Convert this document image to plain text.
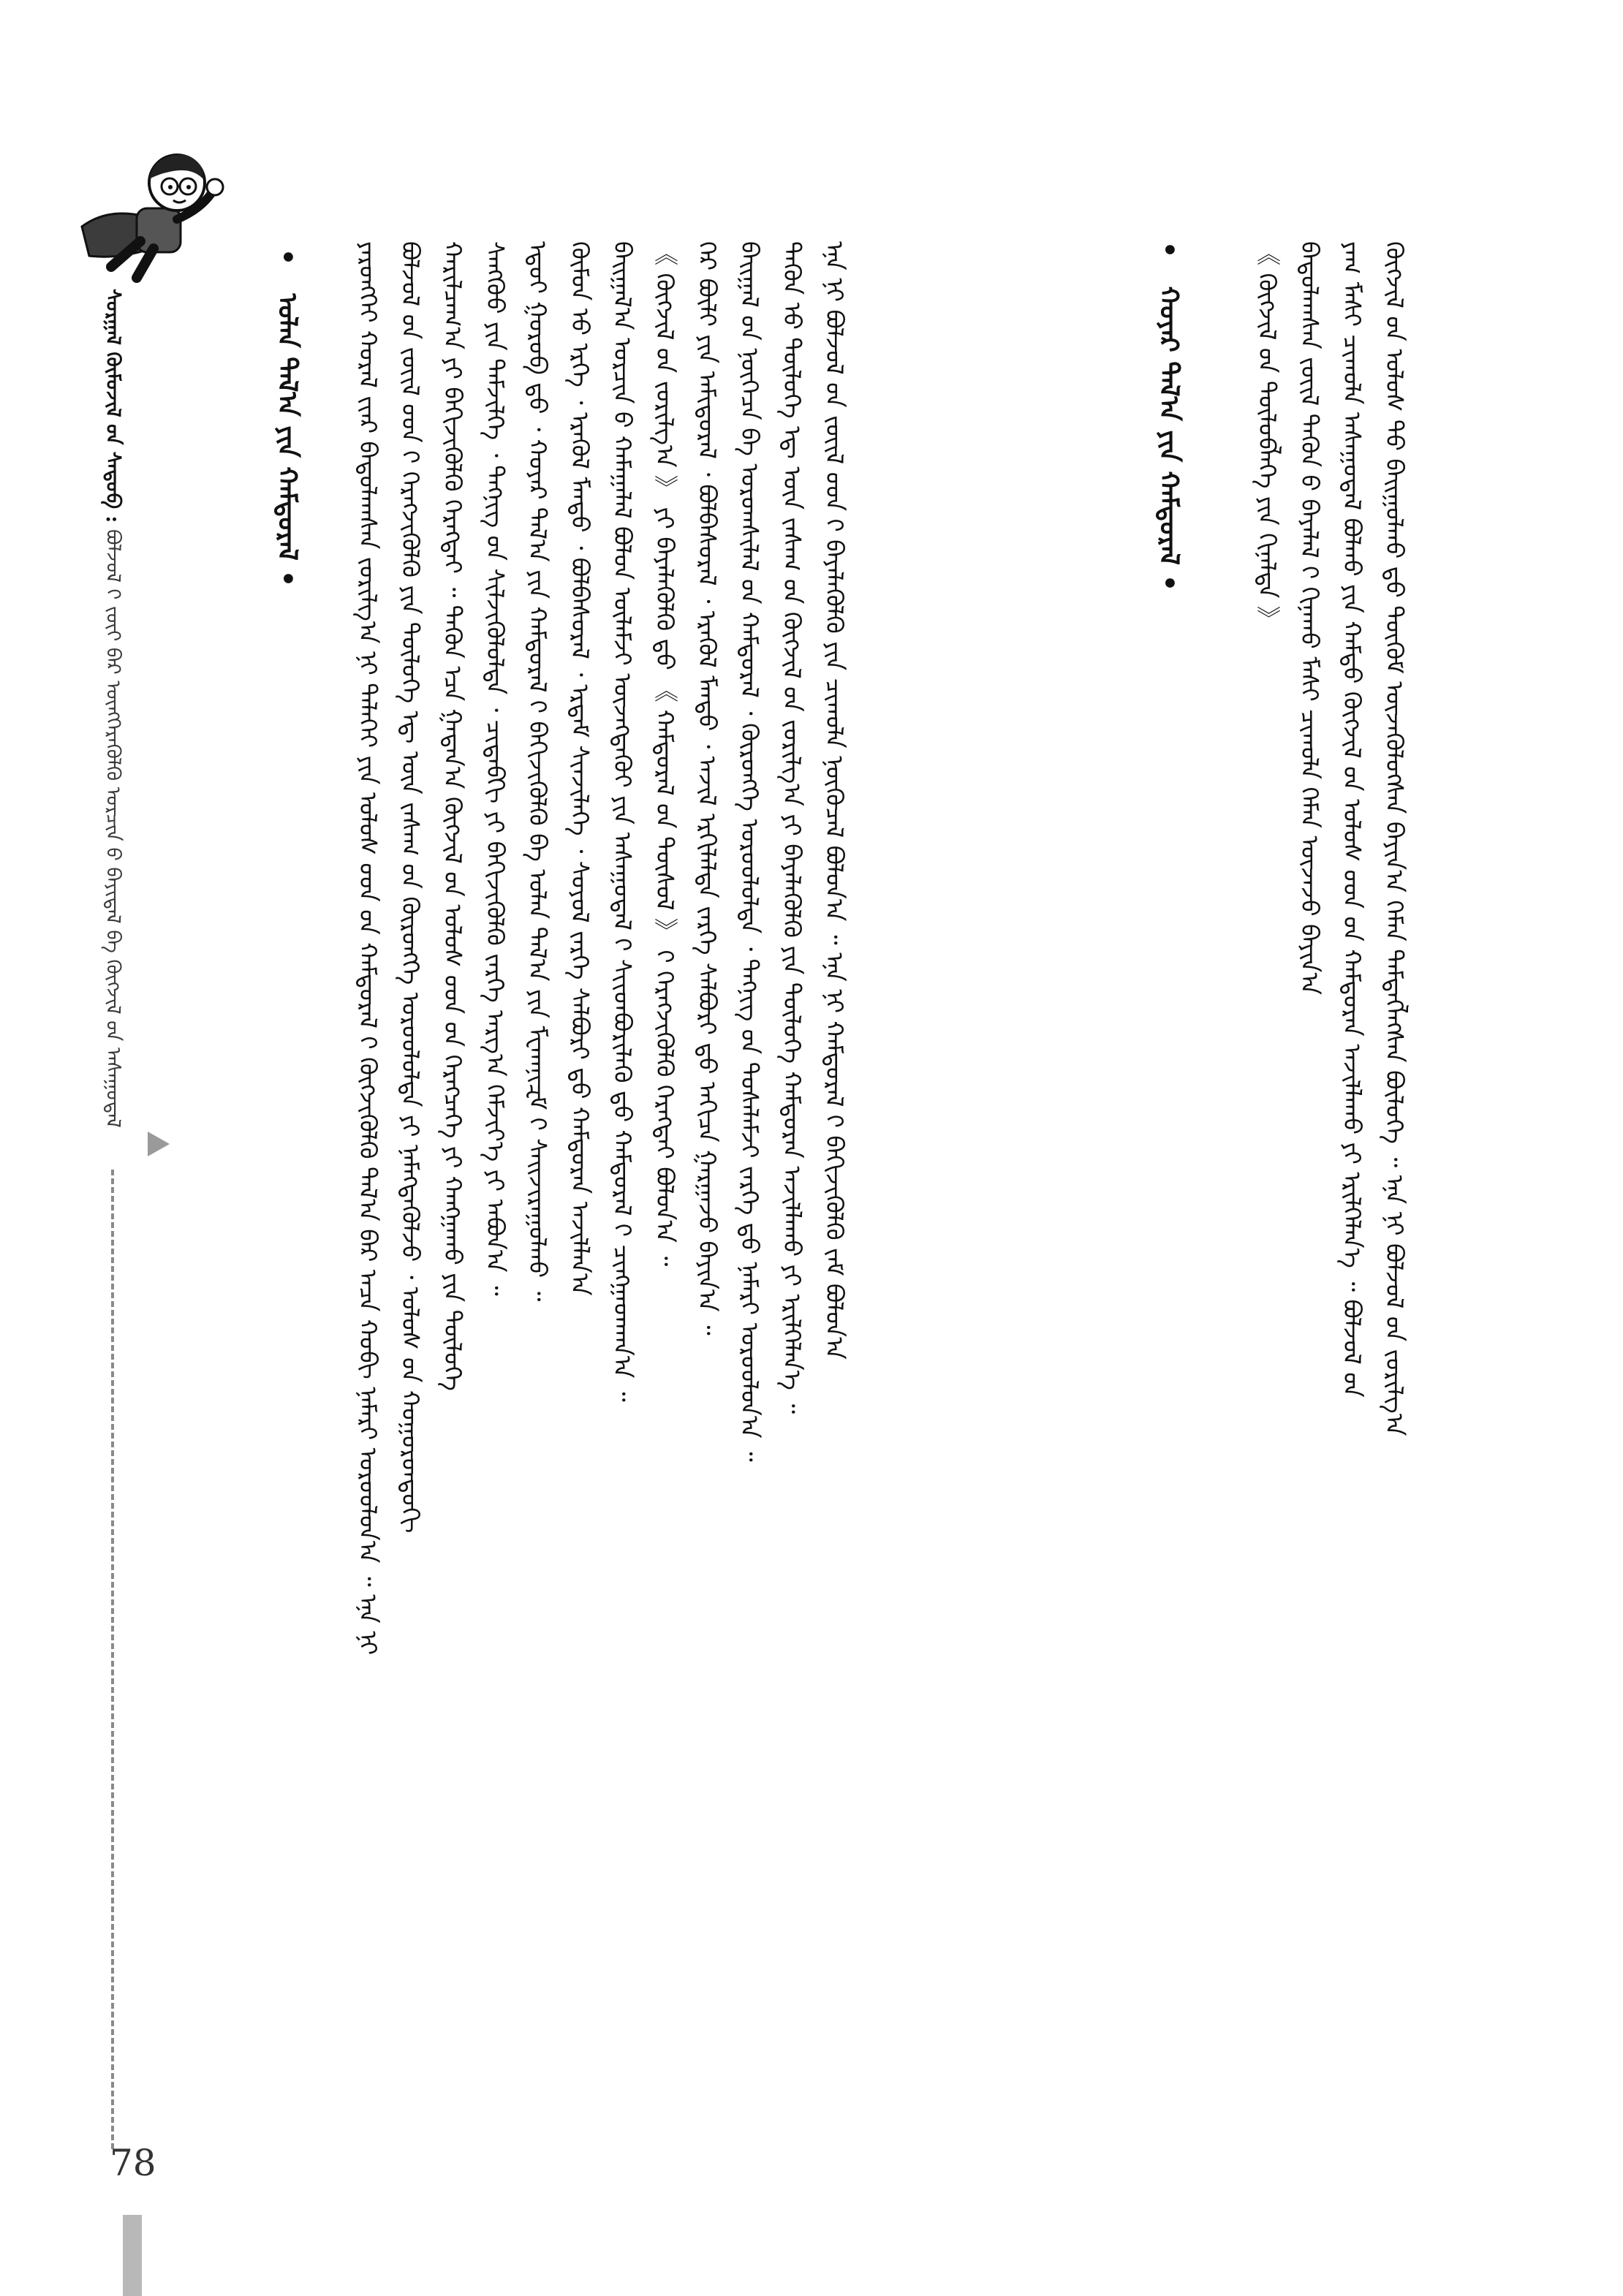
ᠰᠤᠷᠭᠠᠯ ᠬᠦᠮᠦᠵᠢᠯ ᠤ᠋ᠨ ᠰᠡᠳᠦᠪ : ᠪᠣᠯᠵᠣᠯ ᠢ᠋ ᠵᠦᠢ ᠪᠡᠷ ᠦᠩᠭᠡᠷᠡᠭᠦᠯᠬᠦ ᠣᠷᠴᠢᠨ ᠤ᠋ ᠪᠠᠶᠢᠳᠠᠯ ᠪᠠ ᠬᠥᠭᠵᠢᠯ ᠦ᠋ᠨ ᠠᠰᠠᠭᠤᠳᠠᠯ
78
• ᠣᠯᠠᠨ ᠲᠠᠯ᠎ᠠ ᠶᠢᠨ ᠬᠠᠮᠲᠤᠷᠠᠯ •	ᠶᠡᠷᠦᠩᠬᠡᠢ ᠬᠤᠷᠠᠯ ᠢ᠋ᠶ᠋ᠠᠷ ᠪᠠᠲᠤᠯᠠᠭᠰᠠᠨ ᠵᠣᠷᠢᠯᠭ᠎ᠠ ᠨᠢ ᠳᠡᠯᠡᠬᠡᠢ ᠶᠢᠨ ᠤᠯᠤᠰ ᠤ᠋ᠳ ᠤ᠋ᠨ ᠬᠠᠮᠲᠤᠷᠠᠯ ᠢ᠋ ᠬᠥᠭᠵᠢᠭᠦᠯᠬᠦ ᠲᠠᠯ᠎ᠠ ᠪᠠᠷ ᠠᠴᠠ ᠬᠤᠪᠢ ᠨᠡᠮᠡᠷᠢ ᠣᠷᠤᠤᠯᠤᠨ᠎ᠠ ᠃ ᠡᠨᠡ ᠨᠢ ᠪᠣᠯᠵᠣᠯ ᠤ᠋ᠨ ᠵᠦᠢᠯ ᠦ᠋ᠳ ᠢ᠋ ᠬᠡᠷᠡᠭᠵᠢᠭᠦᠯᠬᠦ ᠶᠢᠨ ᠲᠥᠯᠥᠭᠡ ᠡᠳ᠋ ᠦᠨ ᠵᠠᠰᠠᠭ ᠤ᠋ᠨ ᠬᠥᠷᠥᠩᠭᠡ ᠣᠷᠤᠤᠯᠤᠯᠲᠠ ᠶᠢ ᠨᠡᠮᠡᠭᠳᠡᠬᠦᠯᠵᠦ ᠂ ᠤᠯᠤᠰ ᠤ᠋ᠨ ᠬᠣᠭᠣᠷᠣᠨᠳᠣᠬᠢ ᠬᠠᠷᠢᠯᠴᠠᠭ᠎ᠠ ᠶᠢ ᠪᠡᠬᠢᠵᠢᠭᠦᠯᠬᠦ ᠬᠡᠷᠡᠭᠲᠡᠢ ᠃ ᠲᠡᠭᠦᠨ ᠡᠴᠡ ᠭᠠᠳᠠᠨ᠎ᠠ ᠬᠥᠭᠵᠢᠯ ᠦ᠋ᠨ ᠤᠯᠤᠰ ᠤ᠋ᠳ ᠤ᠋ᠨ ᠬᠡᠷᠡᠭᠴᠡᠭᠡ ᠶᠢ ᠬᠠᠩᠭᠠᠬᠤ ᠶᠢᠨ ᠲᠥᠯᠥᠭᠡ ᠰᠠᠩᠬᠦᠦ ᠶᠢᠨ ᠳᠡᠮᠵᠢᠯᠭᠡ ᠂ ᠲᠡᠭᠨᠢᠭ ᠤ᠋ᠨ ᠰᠢᠯᠵᠢᠭᠦᠯᠦᠯᠲᠡ ᠂ ᠴᠢᠳᠠᠪᠬᠢ ᠶᠢ ᠪᠡᠬᠢᠵᠢᠭᠦᠯᠬᠦ ᠵᠡᠷᠭᠡ ᠠᠷᠭ᠎ᠠ ᠬᠡᠮᠵᠢᠶ᠎ᠡ ᠶᠢ ᠠᠪᠤᠨ᠎ᠠ ᠃ ᠡᠳᠦᠢ ᠭᠣᠷᠣᠪ ᠳ᠋ᠤ ᠂ ᠬᠣᠶᠠᠷ ᠲᠠᠯ᠎ᠠ ᠶᠢᠨ ᠬᠠᠮᠲᠤᠷᠠᠯ ᠢ᠋ ᠪᠡᠬᠢᠵᠢᠭᠦᠯᠬᠦ ᠪᠠ ᠣᠯᠠᠨ ᠲᠠᠯ᠎ᠠ ᠶᠢᠨ ᠮᠧᠬᠠᠨᠢᠽᠮ ᠢ᠋ ᠰᠠᠢᠵᠢᠷᠠᠭᠤᠯᠬᠤ ᠃ ᠬᠥᠮᠦᠨ ᠦ᠋ ᠡᠷᠬᠡ ᠂ ᠡᠷᠡᠭᠦᠯ ᠮᠡᠨᠳᠦ ᠂ ᠪᠣᠯᠪᠠᠰᠤᠷᠠᠯ ᠂ ᠡᠷᠳᠡᠮ ᠰᠢᠨᠵᠢᠯᠡᠭᠡ ᠂ ᠰᠣᠶᠣᠯ ᠵᠡᠷᠭᠡ ᠰᠠᠯᠪᠤᠷᠢ ᠳ᠋ᠤ ᠬᠠᠮᠲᠤᠷᠠᠨ ᠠᠵᠢᠯᠯᠠᠨ᠎ᠠ ᠪᠠᠢᠭᠠᠯ᠎ᠠ ᠣᠷᠴᠢᠨ ᠤ᠋ ᠬᠠᠮᠠᠭᠠᠯᠠᠯ ᠪᠣᠯᠣᠨ ᠦᠯᠡᠮᠵᠢ ᠦᠵᠡᠭᠳᠡᠬᠦᠢ ᠶᠢᠨ ᠠᠰᠠᠭᠤᠳᠠᠯ ᠢ᠋ ᠰᠢᠢᠳᠪᠦᠷᠢᠯᠡᠬᠦ ᠳ᠋ᠤ ᠬᠠᠮᠲᠤᠷᠠᠯ ᠢ᠋ ᠴᠢᠩᠭᠠᠳᠬᠠᠨ᠎ᠠ ᠃ 《 ᠬᠥᠭᠵᠢᠯ ᠦ᠋ᠨ ᠵᠣᠷᠢᠯᠭ᠎ᠠ 》 ᠶᠢ ᠪᠡᠶᠡᠯᠡᠭᠦᠯᠬᠦ ᠳ᠋ᠤ 《 ᠬᠠᠮᠲᠤᠷᠠᠯ ᠤ᠋ᠨ ᠲᠥᠰᠥᠯ 》 ᠢ᠋ ᠭᠡᠷᠡᠭᠵᠢᠭᠦᠯᠬᠦ ᠬᠡᠷᠡᠭᠲᠡᠢ ᠪᠣᠯᠤᠨ᠎ᠠ ᠃ ᠭᠡᠷ ᠪᠦᠯᠢ ᠶᠢᠨ ᠠᠮᠢᠳᠤᠷᠠᠯ ᠂ ᠪᠣᠯᠪᠠᠰᠤᠷᠠᠯ ᠂ ᠡᠷᠡᠭᠦᠯ ᠮᠡᠨᠳᠦ ᠂ ᠠᠵᠢᠯ ᠡᠷᠬᠢᠯᠡᠯᠲᠡ ᠵᠡᠷᠭᠡ ᠰᠠᠯᠪᠤᠷᠢ ᠳ᠋ᠤ ᠠᠬᠢᠴᠠ ᠭᠠᠷᠭᠠᠵᠤ ᠪᠠᠶᠢᠨ᠎ᠠ ᠃ ᠪᠠᠢᠭᠠᠯ ᠤ᠋ᠨ ᠨᠥᠭᠡᠴᠡ ᠪᠠ ᠤᠷᠤᠭᠰᠢᠯᠠᠯ ᠤ᠋ᠨ ᠬᠠᠮᠲᠤᠷᠠᠯ ᠂ ᠬᠥᠷᠥᠩᠭᠡ ᠣᠷᠤᠤᠯᠤᠯᠲᠠ ᠂ ᠲᠡᠭᠨᠢᠭ ᠤ᠋ᠨ ᠲᠤᠰᠠᠯᠠᠮᠵᠢ ᠵᠡᠷᠭᠡ ᠳ᠋ᠤ ᠨᠡᠮᠡᠷᠢ ᠣᠷᠤᠤᠯᠤᠨ᠎ᠠ ᠃ ᠲᠡᠭᠦᠨ ᠦ᠋ ᠲᠥᠯᠥᠭᠡ ᠡᠳ᠋ ᠦᠨ ᠵᠠᠰᠠᠭ ᠤ᠋ᠨ ᠬᠥᠭᠵᠢᠯ ᠦ᠋ᠨ ᠵᠣᠷᠢᠯᠭ᠎ᠠ ᠶᠢ ᠪᠡᠶᠡᠯᠡᠭᠦᠯᠬᠦ ᠶᠢᠨ ᠲᠥᠯᠥᠭᠡ ᠬᠠᠮᠲᠤᠷᠠᠨ ᠠᠵᠢᠯᠯᠠᠬᠤ ᠶᠢ ᠡᠷᠢᠯᠬᠡᠯᠡᠨ᠎ᠡ ᠃ ᠡᠨᠡ ᠨᠢ ᠪᠣᠯᠵᠣᠯ ᠤ᠋ᠨ ᠵᠦᠢᠯ ᠦ᠋ᠳ ᠢ᠋ ᠪᠡᠶᠡᠯᠡᠭᠦᠯᠬᠦ ᠶᠢᠨ ᠴᠢᠬᠤᠯᠠ ᠨᠥᠬᠦᠴᠡᠯ ᠪᠣᠯᠤᠨ᠎ᠠ ᠃ ᠡᠨᠡ ᠨᠢ ᠬᠠᠮᠲᠤᠷᠠᠯ ᠢ᠋ ᠪᠡᠬᠢᠵᠢᠭᠦᠯᠬᠦ ᠵᠠᠮ ᠪᠣᠯᠤᠨ᠎ᠠ	• ᠬᠣᠶᠠᠷ ᠲᠠᠯ᠎ᠠ ᠶᠢᠨ ᠬᠠᠮᠲᠤᠷᠠᠯ •	《 ᠬᠥᠭᠵᠢᠯ ᠦ᠋ᠨ ᠲᠥᠯᠦᠪᠯᠡᠭᠡ ᠶᠢᠨ ᠬᠢᠨᠠᠯᠲᠠ 》 ᠪᠠᠲᠤᠯᠠᠭᠰᠠᠨ ᠵᠦᠢᠯ ᠲᠡᠭᠦᠨ ᠤ᠋ ᠪᠡᠶᠡᠯᠡᠯ ᠢ᠋ ᠬᠢᠨᠠᠬᠤ ᠮᠠᠰᠢ ᠴᠢᠬᠤᠯᠠ ᠬᠡᠮᠡᠨ ᠦᠵᠡᠵᠦ ᠪᠠᠶᠢᠨ᠎ᠠ ᠶᠠᠭ ᠮᠠᠰᠢ ᠴᠢᠬᠤᠯᠠ ᠠᠰᠠᠭᠤᠳᠠᠯ ᠪᠣᠯᠬᠤ ᠶᠢᠨ ᠬᠠᠮᠲᠤ ᠬᠥᠭᠵᠢᠯ ᠦ᠋ᠨ ᠤᠯᠤᠰ ᠤ᠋ᠳ ᠤ᠋ᠨ ᠬᠠᠮᠲᠤᠷᠠᠨ ᠠᠵᠢᠯᠯᠠᠬᠤ ᠶᠢ ᠡᠷᠢᠯᠬᠡᠯᠡᠨ᠎ᠡ ᠃ ᠪᠣᠯᠵᠣᠯ ᠤ᠋ᠨ ᠬᠥᠭᠵᠢᠯ ᠦ᠋ᠨ ᠤᠯᠤᠰ ᠲᠤ᠌ ᠪᠠᠢᠭᠤᠯᠬᠤ ᠳ᠋ᠤ ᠳᠥᠭᠥᠮ ᠦᠵᠡᠭᠦᠯᠦᠭᠰᠡᠨ ᠪᠠᠶᠢᠨ᠎ᠠ ᠬᠡᠮᠡᠨ ᠲᠡᠮᠳᠡᠭᠯᠡᠭᠰᠡᠨ ᠪᠦᠯᠦᠭᠡ ᠃ ᠡᠨᠡ ᠨᠢ ᠪᠣᠯᠵᠣᠯ ᠤ᠋ᠨ ᠵᠣᠷᠢᠯᠭ᠎ᠠ
